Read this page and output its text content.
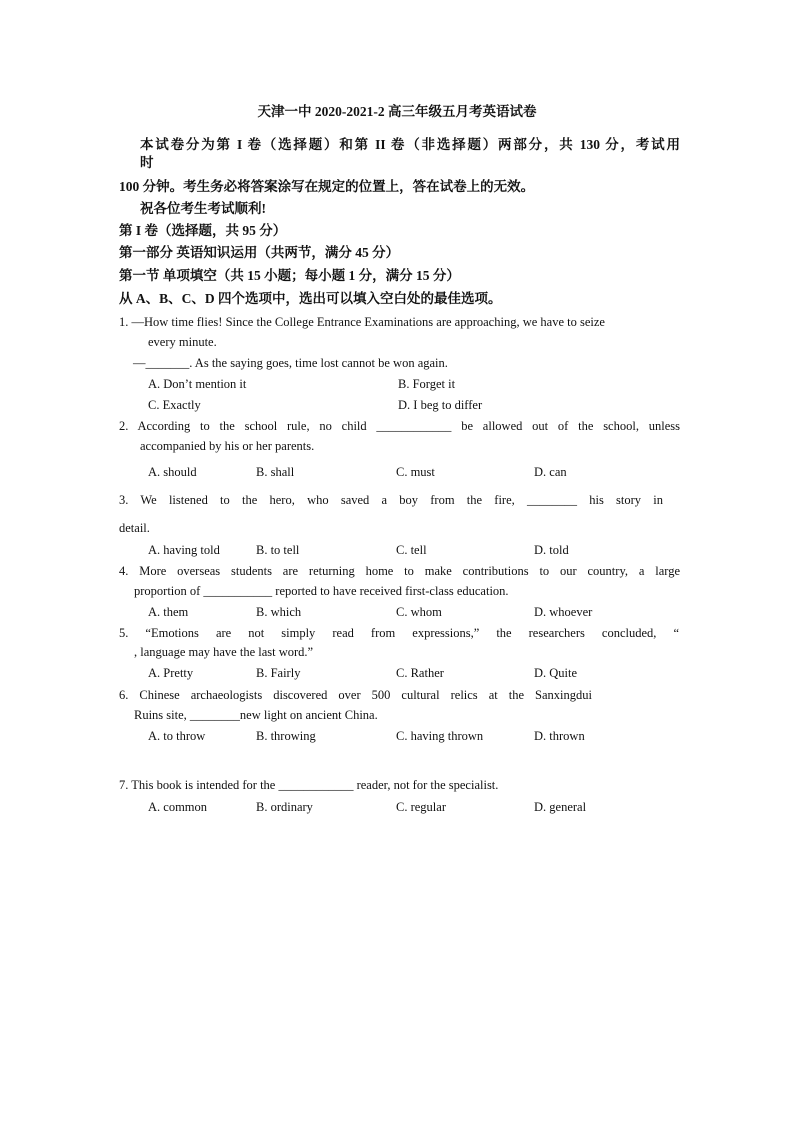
天津一中 2020-2021-2 高三年级五月考英语试卷
本试卷分为第 I 卷（选择题）和第 II 卷（非选择题）两部分，共 130 分，考试用
时
100 分钟。考生务必将答案涂写在规定的位置上，答在试卷上的无效。
祝各位考生考试顺利!
第 I 卷（选择题，共 95 分）
第一部分 英语知识运用（共两节，满分 45 分）
第一节 单项填空（共 15 小题；每小题 1 分，满分 15 分）
从 A、B、C、D 四个选项中，选出可以填入空白处的最佳选项。
1. —How time flies! Since the College Entrance Examinations are approaching, we have to seize
every minute.
—_______. As the saying goes, time lost cannot be won again.
A. Don’t mention it	B. Forget it
C. Exactly	D. I beg to differ
2. According to the school rule, no child ____________ be allowed out of the school, unless
accompanied by his or her parents.
A. should	B. shall	C. must	D. can
3. We listened to the hero, who saved a boy from the fire, ________ his story in
detail.
A. having told	B. to tell	C. tell	D. told
4. More overseas students are returning home to make contributions to our country, a large
proportion of ___________ reported to have received first-class education.
A. them	B. which	C. whom	D. whoever
5. “Emotions are not simply read from expressions,” the researchers concluded, “
, language may have the last word.”
A. Pretty	B. Fairly	C. Rather	D. Quite
6. Chinese archaeologists discovered over 500 cultural relics at the Sanxingdui
Ruins site, ________new light on ancient China.
A. to throw	B. throwing	C. having thrown	D. thrown
7. This book is intended for the ____________ reader, not for the specialist.
A. common	B. ordinary	C. regular	D. general
